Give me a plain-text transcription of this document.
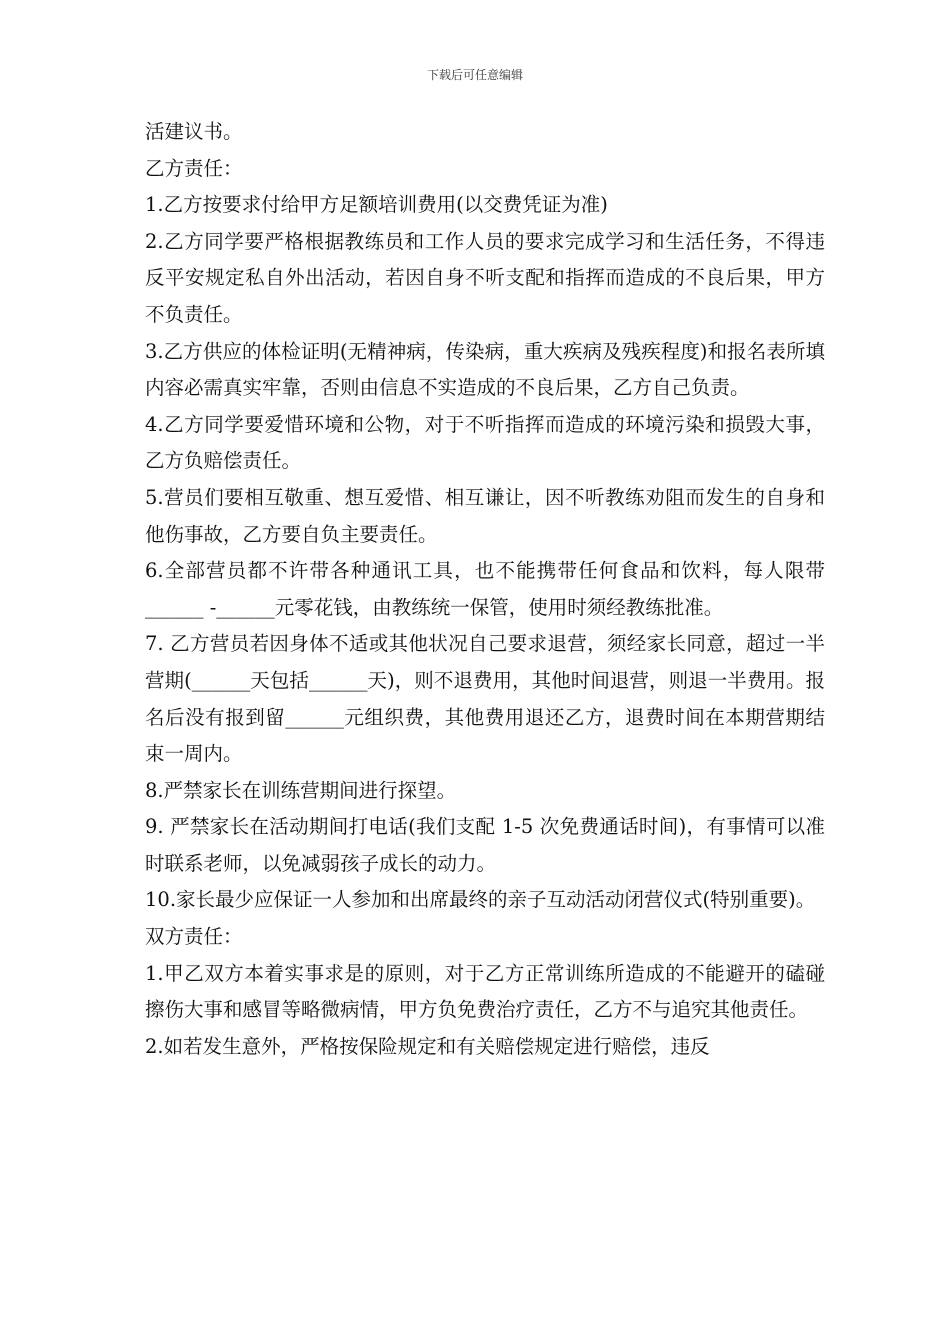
下载后可任意编辑

活建议书。

乙方责任：

1.乙方按要求付给甲方足额培训费用(以交费凭证为准)

2.乙方同学要严格根据教练员和工作人员的要求完成学习和生活任务，不得违反平安规定私自外出活动，若因自身不听支配和指挥而造成的不良后果，甲方不负责任。

3.乙方供应的体检证明(无精神病，传染病，重大疾病及残疾程度)和报名表所填内容必需真实牢靠，否则由信息不实造成的不良后果，乙方自己负责。

4.乙方同学要爱惜环境和公物，对于不听指挥而造成的环境污染和损毁大事，乙方负赔偿责任。

5.营员们要相互敬重、想互爱惜、相互谦让，因不听教练劝阻而发生的自身和他伤事故，乙方要自负主要责任。

6.全部营员都不许带各种通讯工具，也不能携带任何食品和饮料，每人限带 ______ -______元零花钱，由教练统一保管，使用时须经教练批准。

7. 乙方营员若因身体不适或其他状况自己要求退营，须经家长同意，超过一半营期(______天包括______天)，则不退费用，其他时间退营，则退一半费用。报名后没有报到留______元组织费，其他费用退还乙方，退费时间在本期营期结束一周内。

8.严禁家长在训练营期间进行探望。

9. 严禁家长在活动期间打电话(我们支配 1-5 次免费通话时间)，有事情可以准时联系老师，以免减弱孩子成长的动力。

10.家长最少应保证一人参加和出席最终的亲子互动活动闭营仪式(特别重要)。

双方责任：

1.甲乙双方本着实事求是的原则，对于乙方正常训练所造成的不能避开的磕碰擦伤大事和感冒等略微病情，甲方负免费治疗责任，乙方不与追究其他责任。

2.如若发生意外，严格按保险规定和有关赔偿规定进行赔偿，违反
